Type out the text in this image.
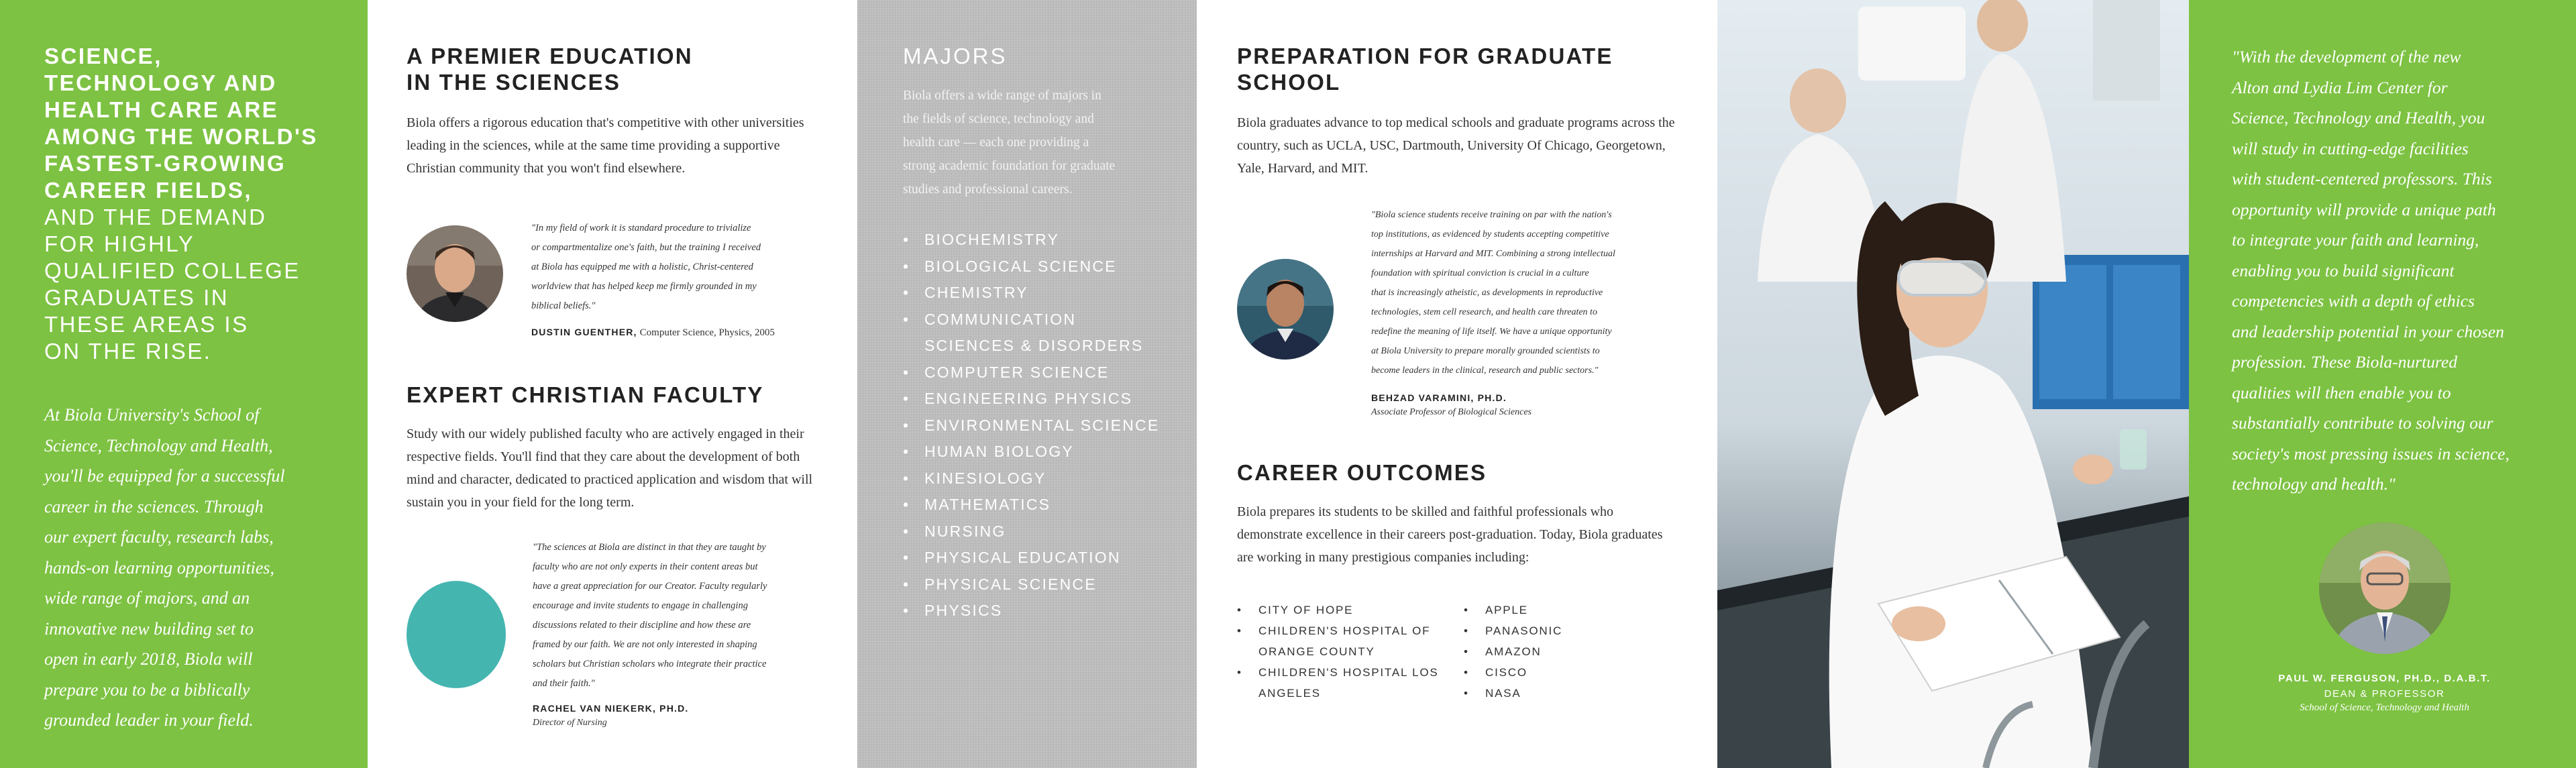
SCIENCE,
TECHNOLOGY AND
HEALTH CARE ARE
AMONG THE WORLD'S
FASTEST-GROWING
CAREER FIELDS,
AND THE DEMAND
FOR HIGHLY
QUALIFIED COLLEGE
GRADUATES IN
THESE AREAS IS
ON THE RISE.
At Biola University's School of
Science, Technology and Health,
you'll be equipped for a successful
career in the sciences. Through
our expert faculty, research labs,
hands-on learning opportunities,
wide range of majors, and an
innovative new building set to
open in early 2018, Biola will
prepare you to be a biblically
grounded leader in your field.
A PREMIER EDUCATION
IN THE SCIENCES

Biola offers a rigorous education that's competitive with other universities leading in the sciences, while at the same time providing a supportive Christian community that you won't find elsewhere.

"In my field of work it is standard procedure to trivialize
or compartmentalize one's faith, but the training I received
at Biola has equipped me with a holistic, Christ-centered
worldview that has helped keep me firmly grounded in my
biblical beliefs."
DUSTIN GUENTHER, Computer Science, Physics, 2005
EXPERT CHRISTIAN FACULTY

Study with our widely published faculty who are actively engaged in their respective fields. You'll find that they care about the development of both mind and character, dedicated to practiced application and wisdom that will sustain you in your field for the long term.

"The sciences at Biola are distinct in that they are taught by
faculty who are not only experts in their content areas but
have a great appreciation for our Creator. Faculty regularly
encourage and invite students to engage in challenging
discussions related to their discipline and how these are
framed by our faith. We are not only interested in shaping
scholars but Christian scholars who integrate their practice
and their faith."
RACHEL VAN NIEKERK, PH.D.
Director of Nursing
MAJORS
Biola offers a wide range of majors in
the fields of science, technology and
health care — each one providing a
strong academic foundation for graduate
studies and professional careers.
• BIOCHEMISTRY
• BIOLOGICAL SCIENCE
• CHEMISTRY
• COMMUNICATION
SCIENCES & DISORDERS
• COMPUTER SCIENCE
• ENGINEERING PHYSICS
• ENVIRONMENTAL SCIENCE
• HUMAN BIOLOGY
• KINESIOLOGY
• MATHEMATICS
• NURSING
• PHYSICAL EDUCATION
• PHYSICAL SCIENCE
• PHYSICS
PREPARATION FOR GRADUATE
SCHOOL

Biola graduates advance to top medical schools and graduate programs across the country, such as UCLA, USC, Dartmouth, University Of Chicago, Georgetown, Yale, Harvard, and MIT.

"Biola science students receive training on par with the nation's
top institutions, as evidenced by students accepting competitive
internships at Harvard and MIT. Combining a strong intellectual
foundation with spiritual conviction is crucial in a culture
that is increasingly atheistic, as developments in reproductive
technologies, stem cell research, and health care threaten to
redefine the meaning of life itself. We have a unique opportunity
at Biola University to prepare morally grounded scientists to
become leaders in the clinical, research and public sectors."
BEHZAD VARAMINI, PH.D.
Associate Professor of Biological Sciences
CAREER OUTCOMES

Biola prepares its students to be skilled and faithful professionals who demonstrate excellence in their careers post-graduation. Today, Biola graduates are working in many prestigious companies including:

• CITY OF HOPE
• CHILDREN'S HOSPITAL OF
ORANGE COUNTY
• CHILDREN'S HOSPITAL LOS
ANGELES
• APPLE
• PANASONIC
• AMAZON
• CISCO
• NASA
"With the development of the new
Alton and Lydia Lim Center for
Science, Technology and Health, you
will study in cutting-edge facilities
with student-centered professors. This
opportunity will provide a unique path
to integrate your faith and learning,
enabling you to build significant
competencies with a depth of ethics
and leadership potential in your chosen
profession. These Biola-nurtured
qualities will then enable you to
substantially contribute to solving our
society's most pressing issues in science,
technology and health."
PAUL W. FERGUSON, PH.D., D.A.B.T.
DEAN & PROFESSOR
School of Science, Technology and Health
